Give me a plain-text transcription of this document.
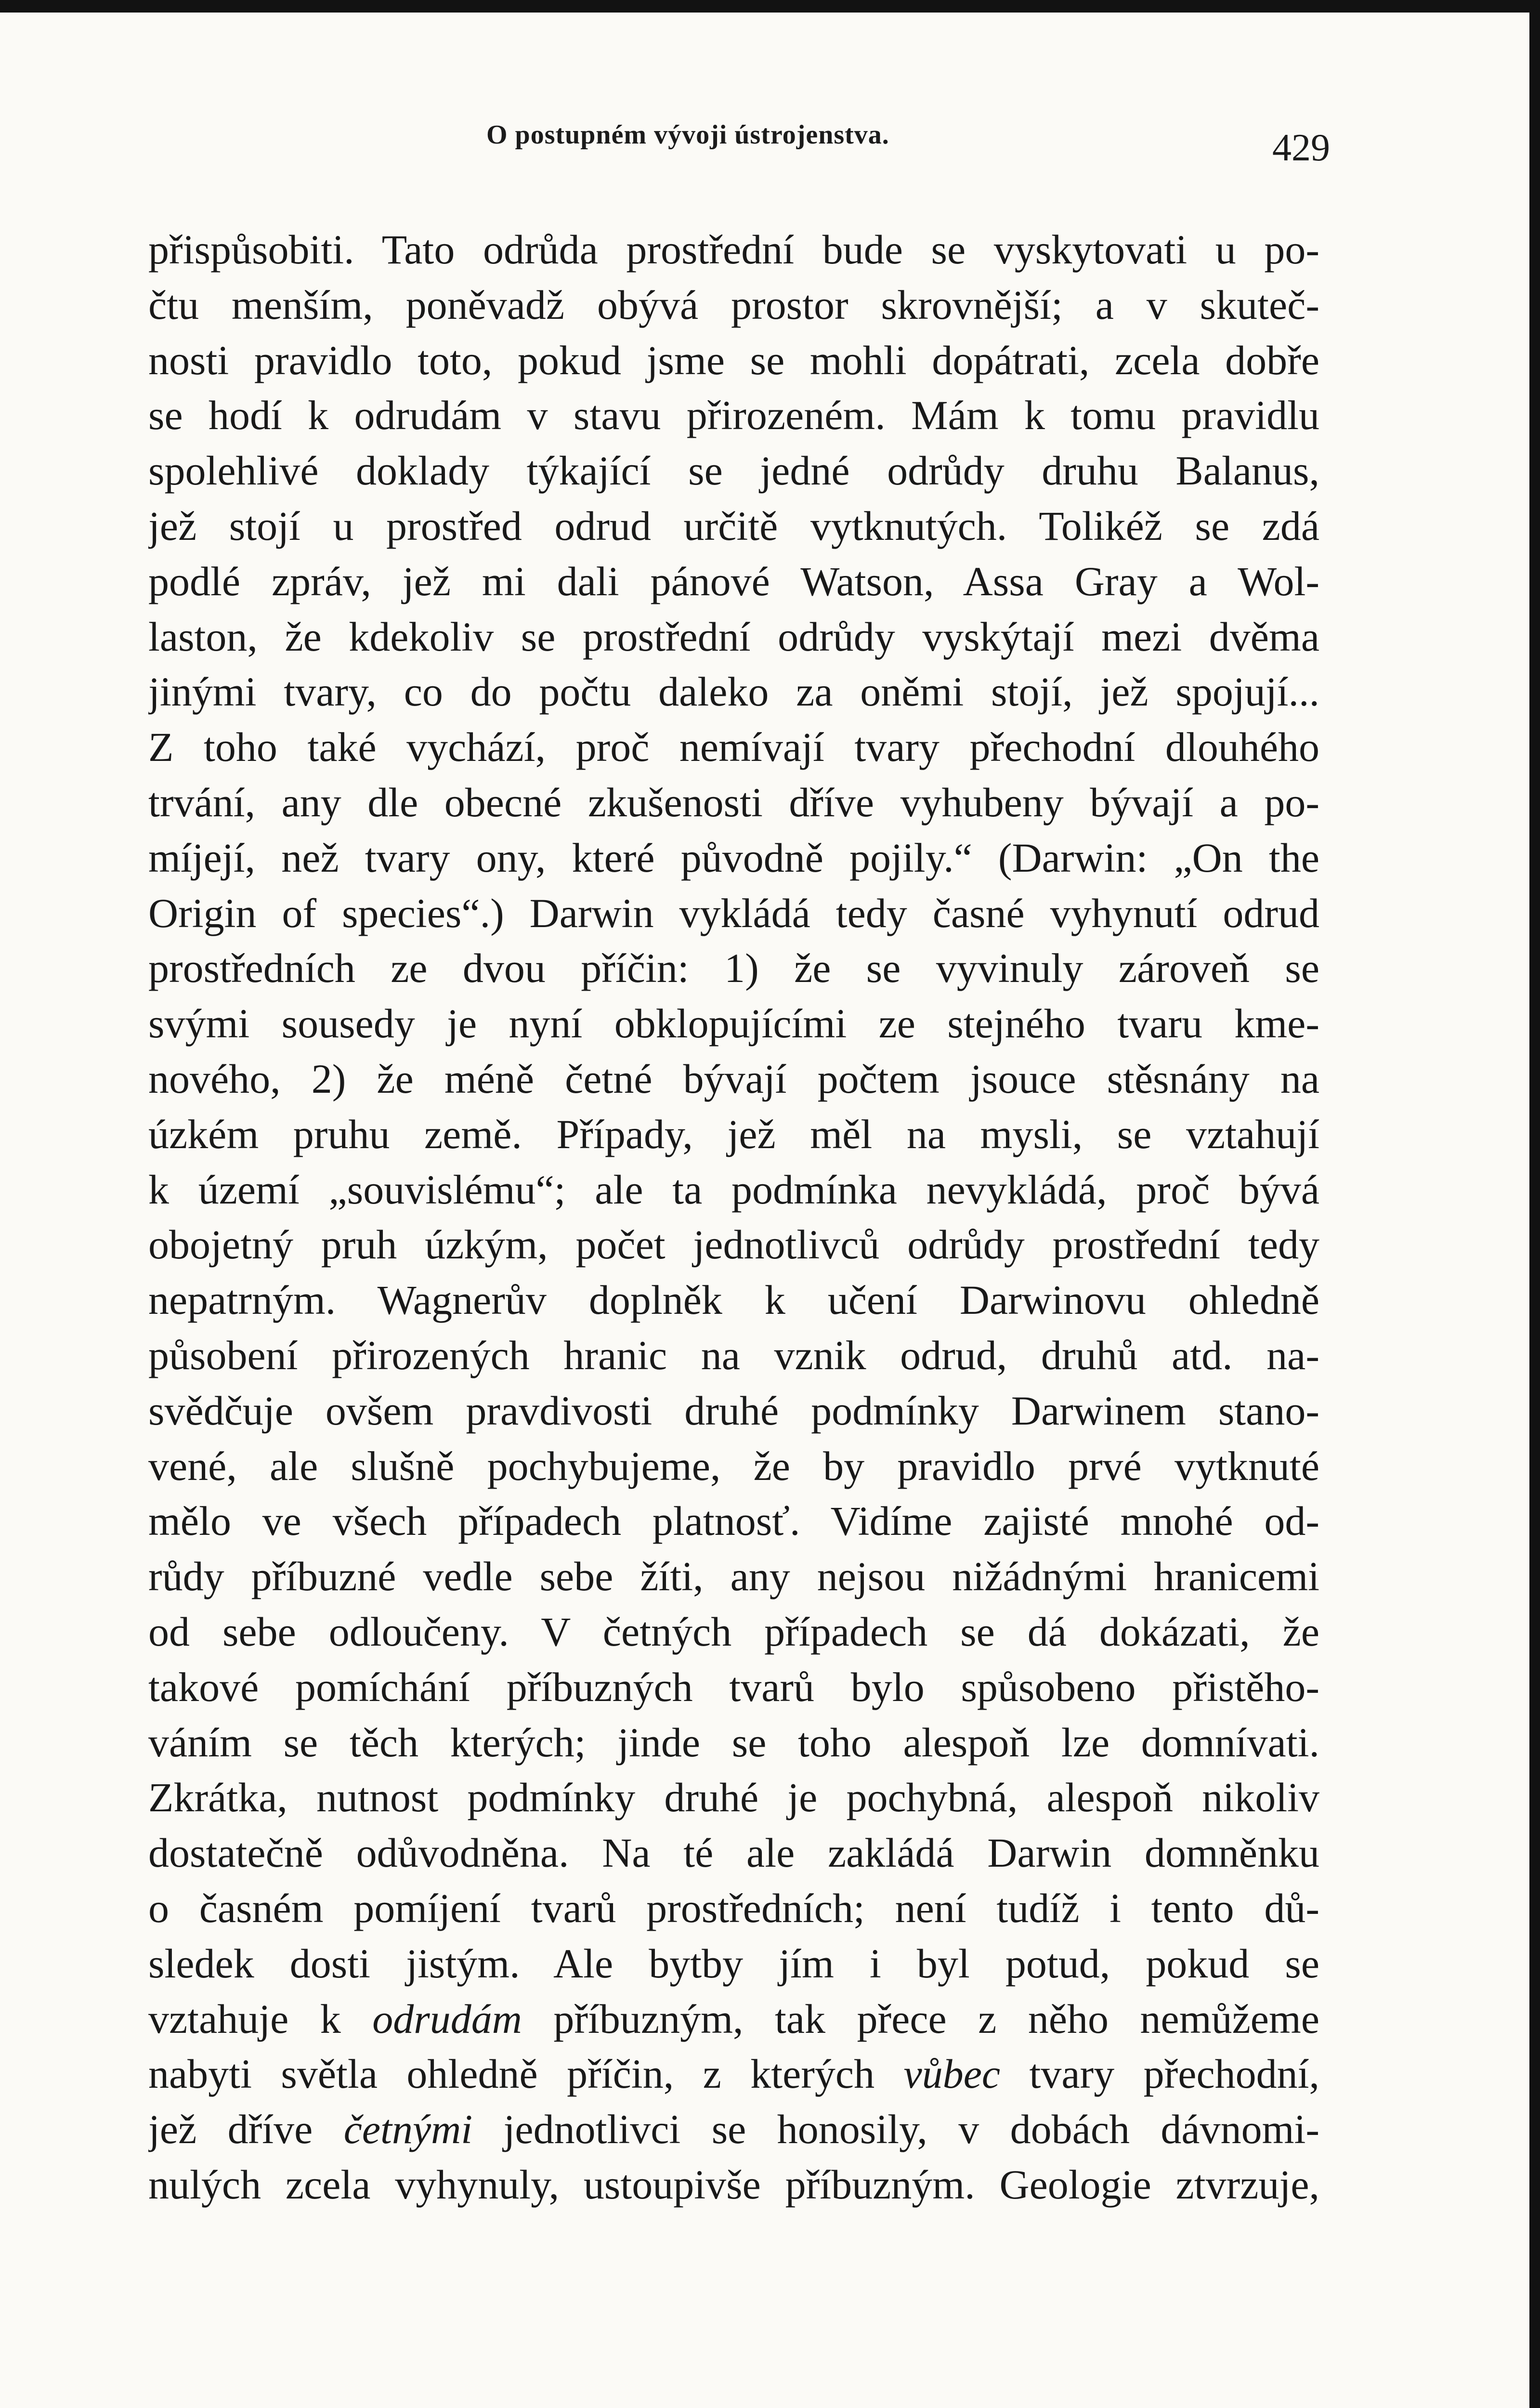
O postupném vývoji ústrojenstva.	429
přispůsobiti. Tato odrůda prostřední bude se vyskytovati u po-
čtu menším, poněvadž obývá prostor skrovnější; a v skuteč-
nosti pravidlo toto, pokud jsme se mohli dopátrati, zcela dobře
se hodí k odrudám v stavu přirozeném. Mám k tomu pravidlu
spolehlivé doklady týkající se jedné odrůdy druhu Balanus,
jež stojí u prostřed odrud určitě vytknutých. Tolikéž se zdá
podlé zpráv, jež mi dali pánové Watson, Assa Gray a Wol-
laston, že kdekoliv se prostřední odrůdy vyskýtají mezi dvěma
jinými tvary, co do počtu daleko za oněmi stojí, jež spojují...
Z toho také vychází, proč nemívají tvary přechodní dlouhého
trvání, any dle obecné zkušenosti dříve vyhubeny bývají a po-
míjejí, než tvary ony, které původně pojily.“ (Darwin: „On the
Origin of species“.) Darwin vykládá tedy časné vyhynutí odrud
prostředních ze dvou příčin: 1) že se vyvinuly zároveň se
svými sousedy je nyní obklopujícími ze stejného tvaru kme-
nového, 2) že méně četné bývají počtem jsouce stěsnány na
úzkém pruhu země. Případy, jež měl na mysli, se vztahují
k území „souvislému“; ale ta podmínka nevykládá, proč bývá
obojetný pruh úzkým, počet jednotlivců odrůdy prostřední tedy
nepatrným. Wagnerův doplněk k učení Darwinovu ohledně
působení přirozených hranic na vznik odrud, druhů atd. na-
svědčuje ovšem pravdivosti druhé podmínky Darwinem stano-
vené, ale slušně pochybujeme, že by pravidlo prvé vytknuté
mělo ve všech případech platnosť. Vidíme zajisté mnohé od-
růdy příbuzné vedle sebe žíti, any nejsou nižádnými hranicemi
od sebe odloučeny. V četných případech se dá dokázati, že
takové pomíchání příbuzných tvarů bylo spůsobeno přistěho-
váním se těch kterých; jinde se toho alespoň lze domnívati.
Zkrátka, nutnost podmínky druhé je pochybná, alespoň nikoliv
dostatečně odůvodněna. Na té ale zakládá Darwin domněnku
o časném pomíjení tvarů prostředních; není tudíž i tento dů-
sledek dosti jistým. Ale bytby jím i byl potud, pokud se
vztahuje k odrudám příbuzným, tak přece z něho nemůžeme
nabyti světla ohledně příčin, z kterých vůbec tvary přechodní,
jež dříve četnými jednotlivci se honosily, v dobách dávnomi-
nulých zcela vyhynuly, ustoupivše příbuzným. Geologie ztvrzuje,
